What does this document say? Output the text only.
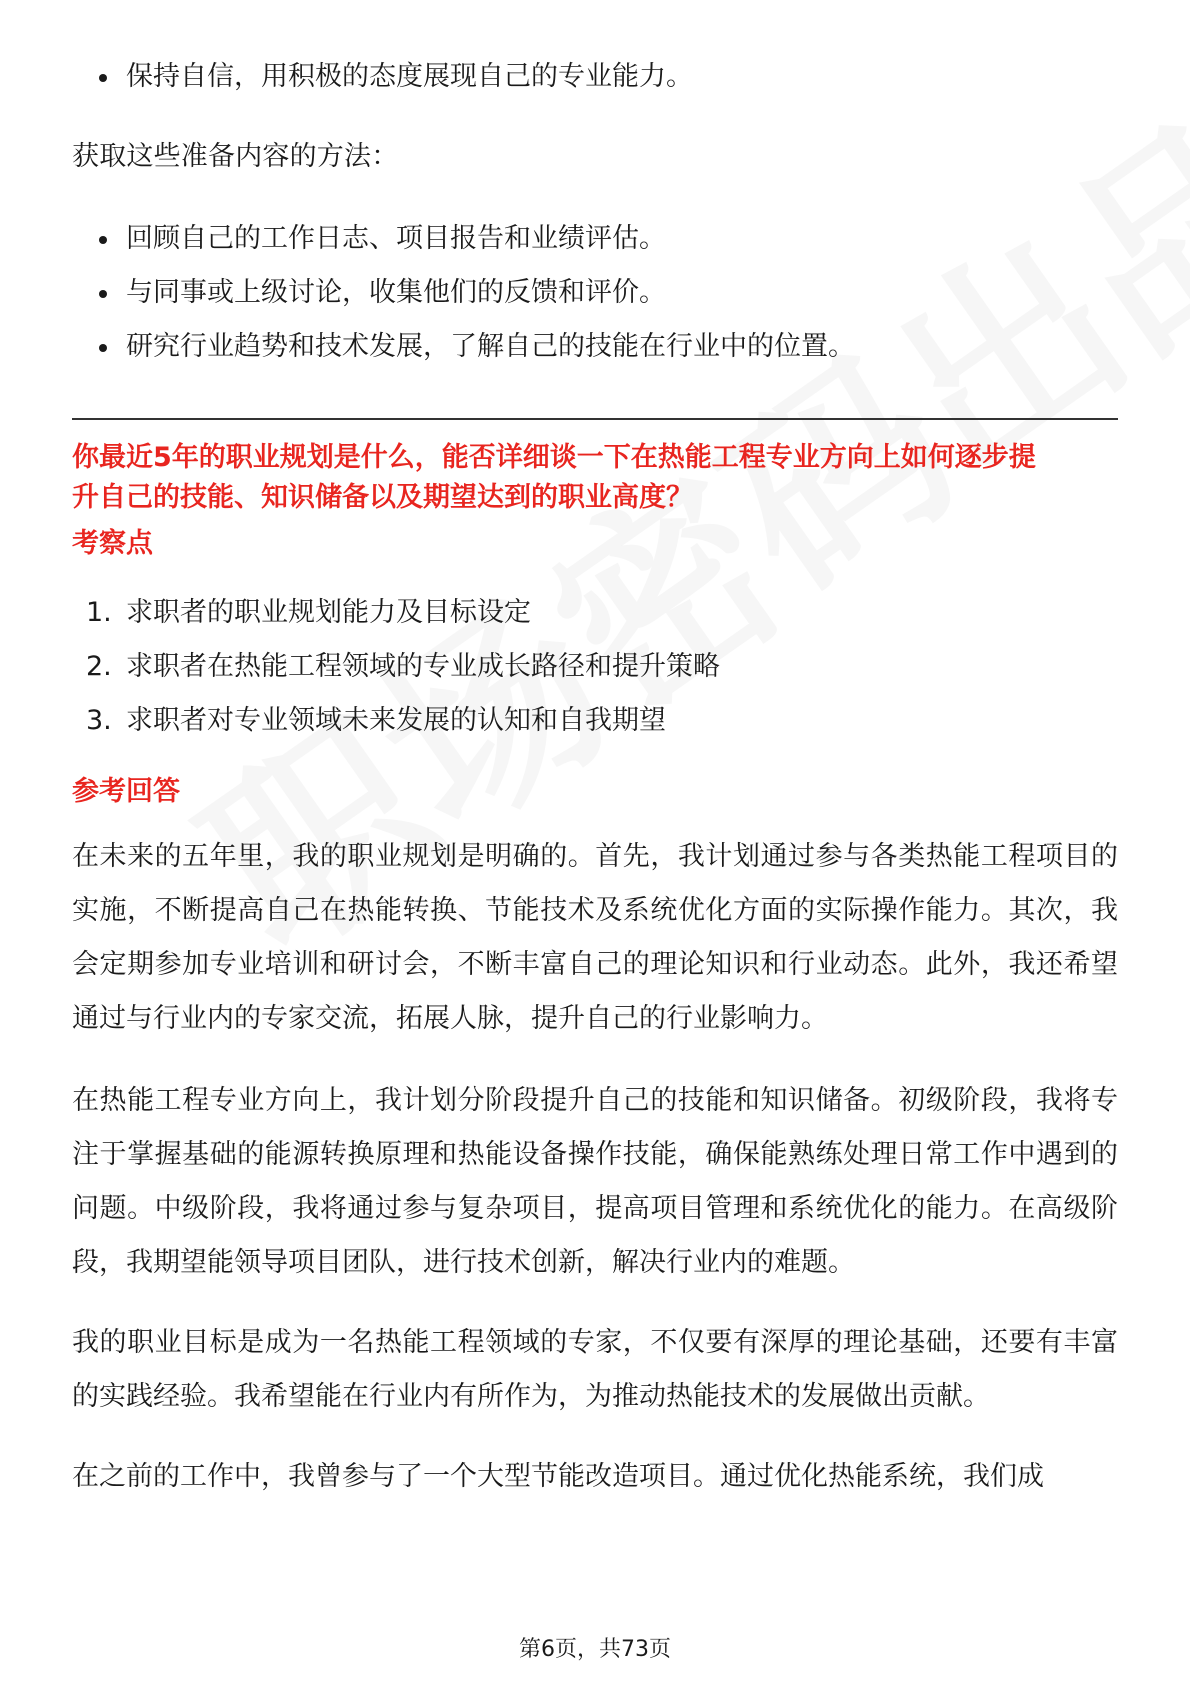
保持自信，用积极的态度展现自己的专业能力。
获取这些准备内容的方法：
回顾自己的工作日志、项目报告和业绩评估。
与同事或上级讨论，收集他们的反馈和评价。
研究行业趋势和技术发展，了解自己的技能在行业中的位置。
你最近5年的职业规划是什么，能否详细谈一下在热能工程专业方向上如何逐步提
升自己的技能、知识储备以及期望达到的职业高度？
考察点
1. 求职者的职业规划能力及目标设定
2. 求职者在热能工程领域的专业成长路径和提升策略
3. 求职者对专业领域未来发展的认知和自我期望
参考回答

在未来的五年里，我的职业规划是明确的。首先，我计划通过参与各类热能工程项目的实施，不断提高自己在热能转换、节能技术及系统优化方面的实际操作能力。其次，我会定期参加专业培训和研讨会，不断丰富自己的理论知识和行业动态。此外，我还希望通过与行业内的专家交流，拓展人脉，提升自己的行业影响力。

在热能工程专业方向上，我计划分阶段提升自己的技能和知识储备。初级阶段，我将专注于掌握基础的能源转换原理和热能设备操作技能，确保能熟练处理日常工作中遇到的问题。中级阶段，我将通过参与复杂项目，提高项目管理和系统优化的能力。在高级阶段，我期望能领导项目团队，进行技术创新，解决行业内的难题。

我的职业目标是成为一名热能工程领域的专家，不仅要有深厚的理论基础，还要有丰富的实践经验。我希望能在行业内有所作为，为推动热能技术的发展做出贡献。

在之前的工作中，我曾参与了一个大型节能改造项目。通过优化热能系统，我们成

第6页，共73页
